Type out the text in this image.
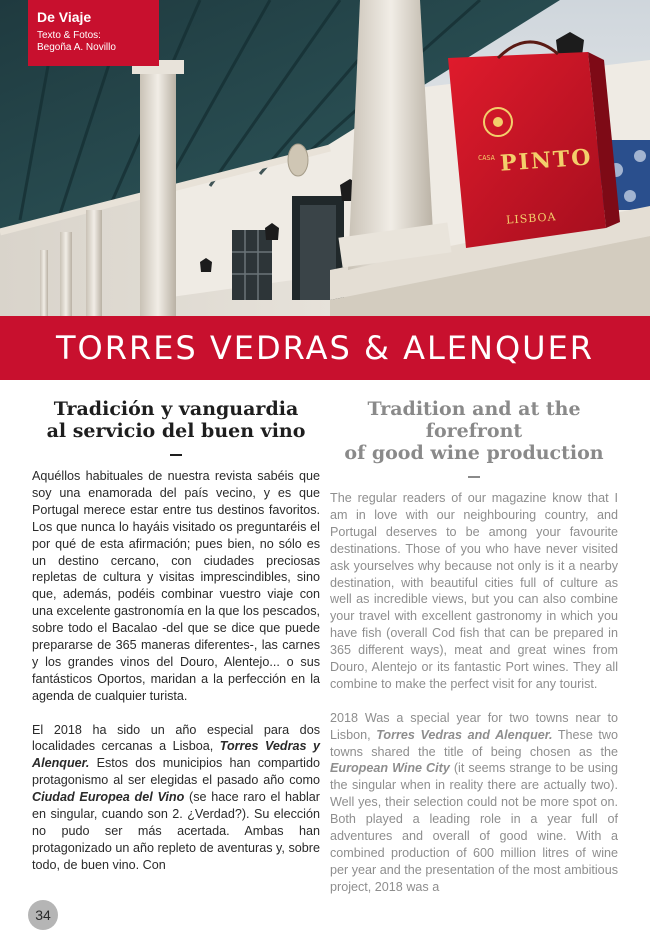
CASA PINTO
LISBOA
De Viaje
Texto & Fotos:
Begoña A. Novillo
TORRES VEDRAS & ALENQUER
Tradición y vanguardia
al servicio del buen vino

Aquéllos habituales de nuestra revista sabéis que soy una enamorada del país vecino, y es que Portugal merece estar entre tus destinos favoritos. Los que nunca lo hayáis visitado os preguntaréis el por qué de esta afirmación; pues bien, no sólo es un destino cercano, con ciudades preciosas repletas de cultura y visitas imprescindibles, sino que, además, podéis combinar vuestro viaje con una excelente gastronomía en la que los pescados, sobre todo el Bacalao -del que se dice que puede prepararse de 365 maneras diferentes-, las carnes y los grandes vinos del Douro, Alentejo... o sus fantásticos Oportos, maridan a la perfección en la agenda de cualquier turista.

El 2018 ha sido un año especial para dos localidades cercanas a Lisboa, Torres Vedras y Alenquer. Estos dos municipios han compartido protagonismo al ser elegidas el pasado año como Ciudad Europea del Vino (se hace raro el hablar en singular, cuando son 2. ¿Verdad?). Su elección no pudo ser más acertada. Ambas han protagonizado un año repleto de aventuras y, sobre todo, de buen vino. Con

Tradition and at the forefront
of good wine production

The regular readers of our magazine know that I am in love with our neighbouring country, and Portugal deserves to be among your favourite destinations. Those of you who have never visited ask yourselves why because not only is it a nearby destination, with beautiful cities full of culture as well as incredible views, but you can also combine your travel with excellent gastronomy in which you have fish (overall Cod fish that can be prepared in 365 different ways), meat and great wines from Douro, Alentejo or its fantastic Port wines. They all combine to make the perfect visit for any tourist.

2018 Was a special year for two towns near to Lisbon, Torres Vedras and Alenquer. These two towns shared the title of being chosen as the European Wine City (it seems strange to be using the singular when in reality there are actually two). Well yes, their selection could not be more spot on. Both played a leading role in a year full of adventures and overall of good wine. With a combined production of 600 million litres of wine per year and the presentation of the most ambitious project, 2018 was a

34
